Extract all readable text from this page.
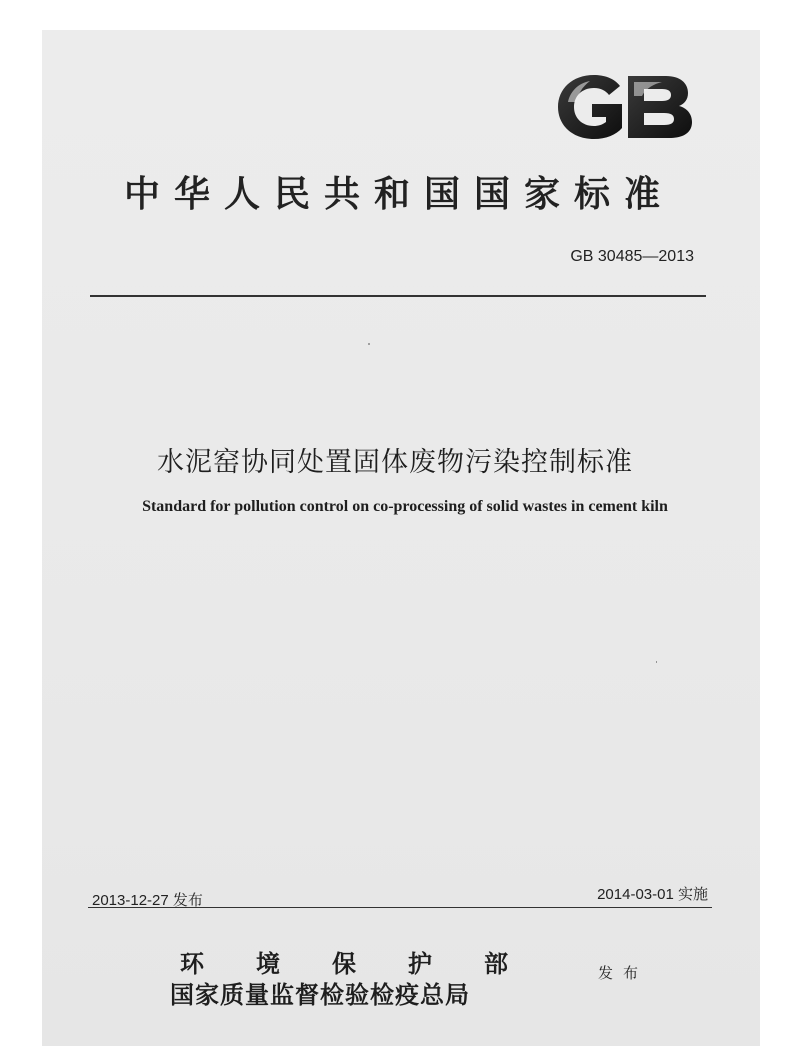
中华人民共和国国家标准
GB 30485—2013
水泥窑协同处置固体废物污染控制标准
Standard for pollution control on co-processing of solid wastes in cement kiln
2014-03-01 实施
2013-12-27 发布
环境保护部
国家质量监督检验检疫总局
发布
